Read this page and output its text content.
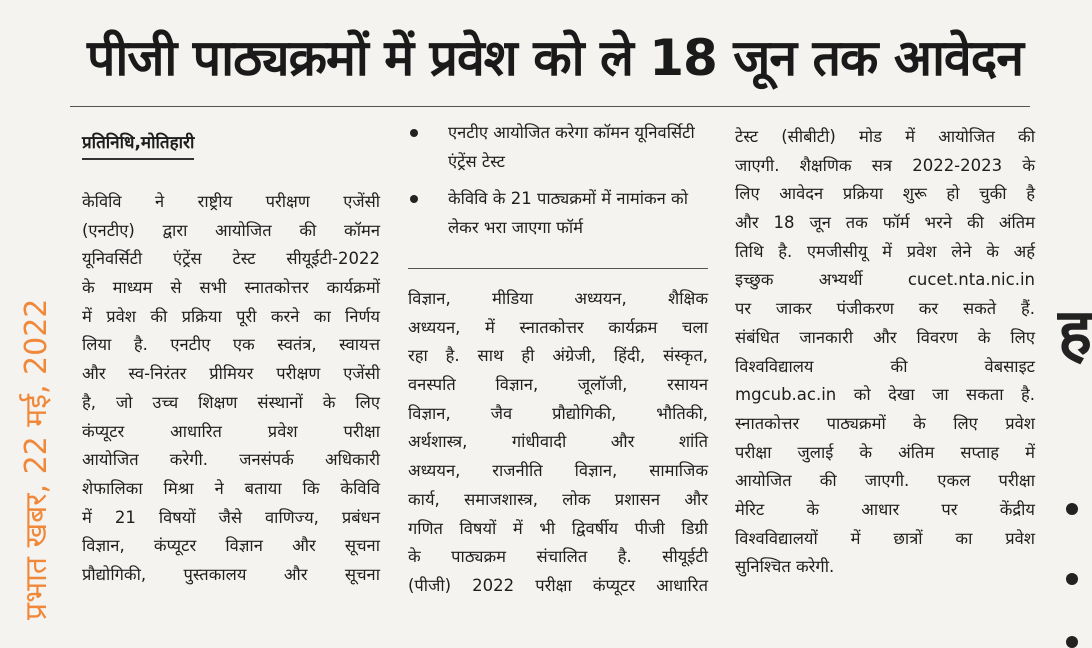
पीजी पाठ्यक्रमों में प्रवेश को ले 18 जून तक आवेदन
प्रभात खबर, 22 मई, 2022
प्रतिनिधि,मोतिहारी
केविवि ने राष्ट्रीय परीक्षण एजेंसी
(एनटीए) द्वारा आयोजित की कॉमन
यूनिवर्सिटी एंट्रेंस टेस्ट सीयूईटी-2022
के माध्यम से सभी स्नातकोत्तर कार्यक्रमों
में प्रवेश की प्रक्रिया पूरी करने का निर्णय
लिया है. एनटीए एक स्वतंत्र, स्वायत्त
और स्व-निरंतर प्रीमियर परीक्षण एजेंसी
है, जो उच्च शिक्षण संस्थानों के लिए
कंप्यूटर आधारित प्रवेश परीक्षा
आयोजित करेगी. जनसंपर्क अधिकारी
शेफालिका मिश्रा ने बताया कि केविवि
में 21 विषयों जैसे वाणिज्य, प्रबंधन
विज्ञान, कंप्यूटर विज्ञान और सूचना
प्रौद्योगिकी, पुस्तकालय और सूचना
एनटीए आयोजित करेगा कॉमन यूनिवर्सिटी एंट्रेंस टेस्ट
केविवि के 21 पाठ्यक्रमों में नामांकन को लेकर भरा जाएगा फॉर्म
विज्ञान, मीडिया अध्ययन, शैक्षिक
अध्ययन, में स्नातकोत्तर कार्यक्रम चला
रहा है. साथ ही अंग्रेजी, हिंदी, संस्कृत,
वनस्पति विज्ञान, जूलॉजी, रसायन
विज्ञान, जैव प्रौद्योगिकी, भौतिकी,
अर्थशास्त्र, गांधीवादी और शांति
अध्ययन, राजनीति विज्ञान, सामाजिक
कार्य, समाजशास्त्र, लोक प्रशासन और
गणित विषयों में भी द्विवर्षीय पीजी डिग्री
के पाठ्यक्रम संचालित है. सीयूईटी
(पीजी) 2022 परीक्षा कंप्यूटर आधारित
टेस्ट (सीबीटी) मोड में आयोजित की
जाएगी. शैक्षणिक सत्र 2022-2023 के
लिए आवेदन प्रक्रिया शुरू हो चुकी है
और 18 जून तक फॉर्म भरने की अंतिम
तिथि है. एमजीसीयू में प्रवेश लेने के अर्ह
इच्छुक अभ्यर्थी cucet.nta.nic.in
पर जाकर पंजीकरण कर सकते हैं.
संबंधित जानकारी और विवरण के लिए
विश्वविद्यालय की वेबसाइट
mgcub.ac.in को देखा जा सकता है.
स्नातकोत्तर पाठ्यक्रमों के लिए प्रवेश
परीक्षा जुलाई के अंतिम सप्ताह में
आयोजित की जाएगी. एकल परीक्षा
मेरिट के आधार पर केंद्रीय
विश्वविद्यालयों में छात्रों का प्रवेश
सुनिश्चित करेगी.
ह
